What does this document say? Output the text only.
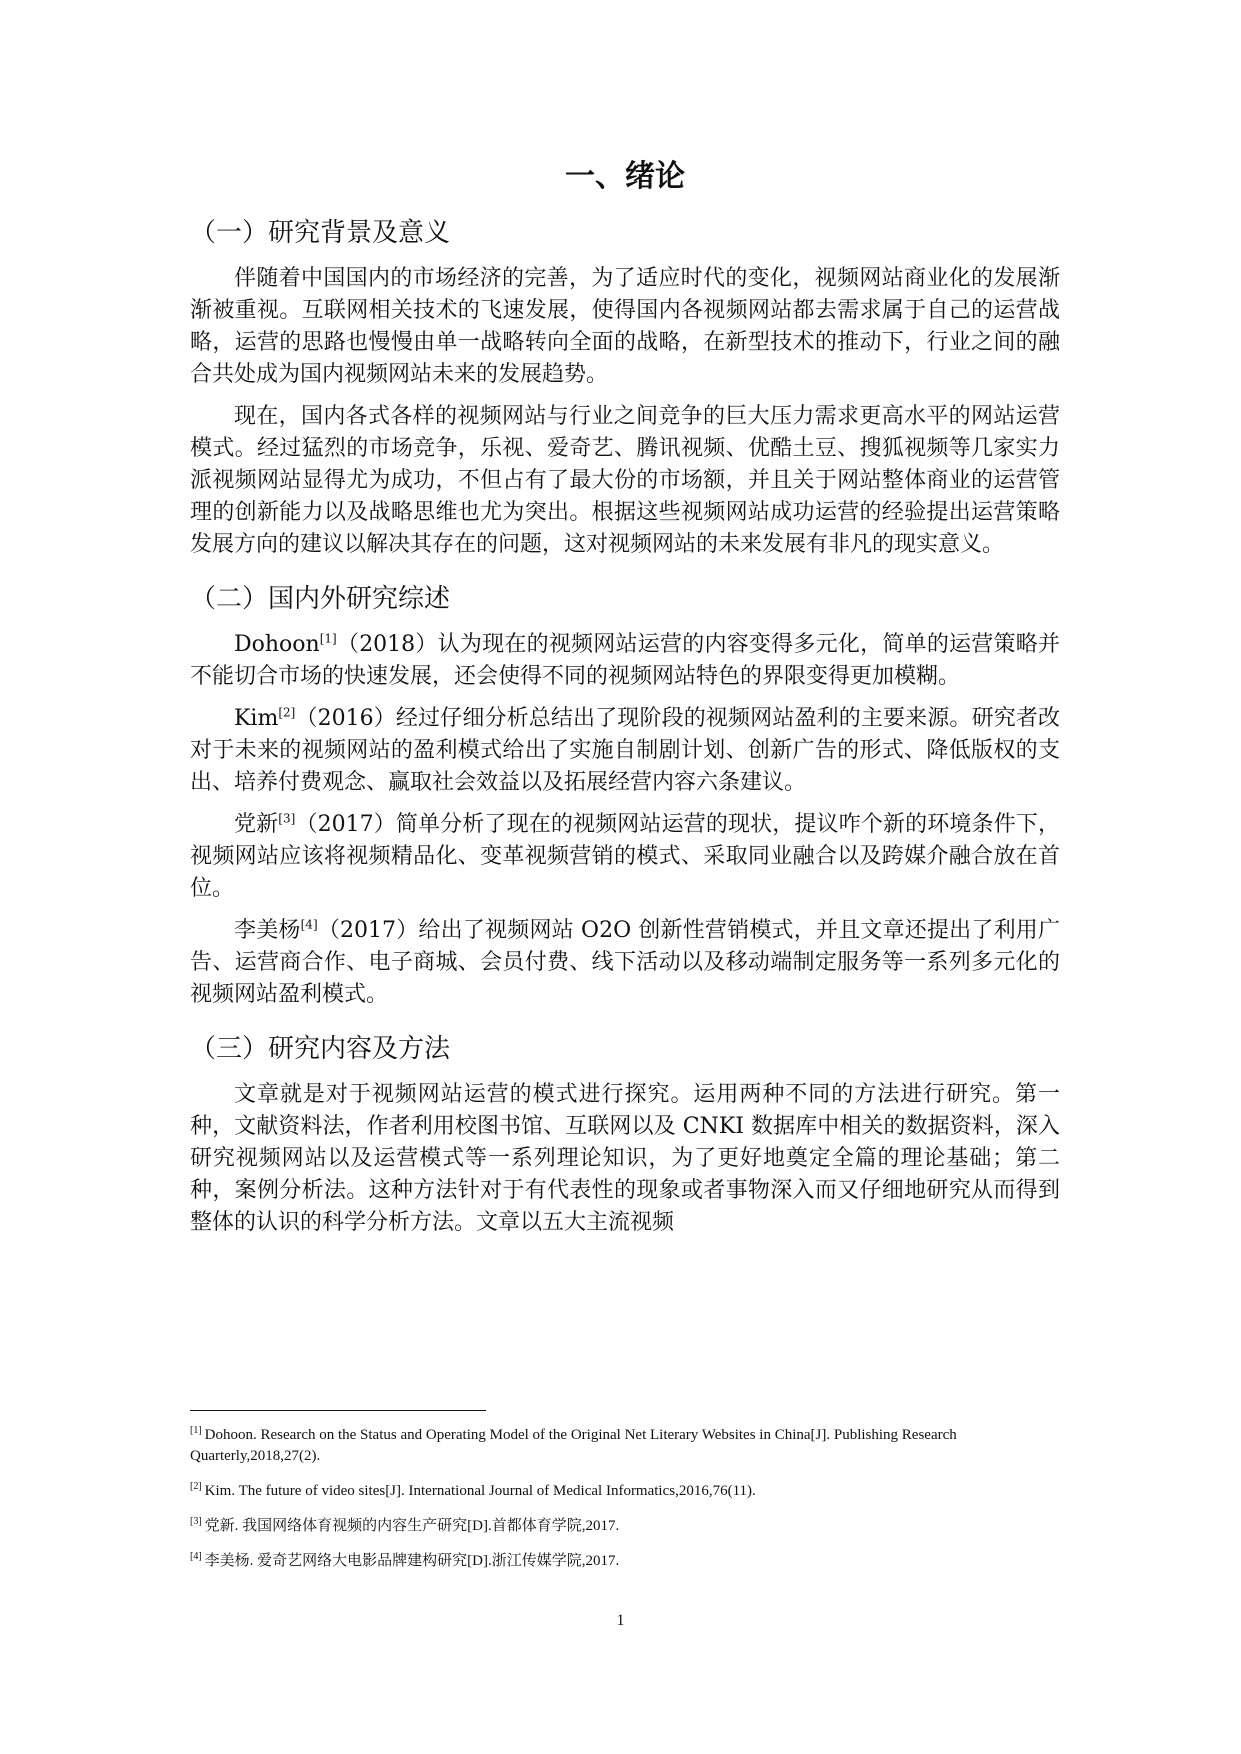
一、绪论
（一）研究背景及意义

伴随着中国国内的市场经济的完善，为了适应时代的变化，视频网站商业化的发展渐渐被重视。互联网相关技术的飞速发展，使得国内各视频网站都去需求属于自己的运营战略，运营的思路也慢慢由单一战略转向全面的战略，在新型技术的推动下，行业之间的融合共处成为国内视频网站未来的发展趋势。

现在，国内各式各样的视频网站与行业之间竞争的巨大压力需求更高水平的网站运营模式。经过猛烈的市场竞争，乐视、爱奇艺、腾讯视频、优酷土豆、搜狐视频等几家实力派视频网站显得尤为成功，不但占有了最大份的市场额，并且关于网站整体商业的运营管理的创新能力以及战略思维也尤为突出。根据这些视频网站成功运营的经验提出运营策略发展方向的建议以解决其存在的问题，这对视频网站的未来发展有非凡的现实意义。

（二）国内外研究综述

Dohoon[1]（2018）认为现在的视频网站运营的内容变得多元化，简单的运营策略并不能切合市场的快速发展，还会使得不同的视频网站特色的界限变得更加模糊。

Kim[2]（2016）经过仔细分析总结出了现阶段的视频网站盈利的主要来源。研究者改对于未来的视频网站的盈利模式给出了实施自制剧计划、创新广告的形式、降低版权的支出、培养付费观念、赢取社会效益以及拓展经营内容六条建议。

党新[3]（2017）简单分析了现在的视频网站运营的现状，提议咋个新的环境条件下，视频网站应该将视频精品化、变革视频营销的模式、采取同业融合以及跨媒介融合放在首位。

李美杨[4]（2017）给出了视频网站 O2O 创新性营销模式，并且文章还提出了利用广告、运营商合作、电子商城、会员付费、线下活动以及移动端制定服务等一系列多元化的视频网站盈利模式。

（三）研究内容及方法

文章就是对于视频网站运营的模式进行探究。运用两种不同的方法进行研究。第一种，文献资料法，作者利用校图书馆、互联网以及 CNKI 数据库中相关的数据资料，深入研究视频网站以及运营模式等一系列理论知识，为了更好地奠定全篇的理论基础；第二种，案例分析法。这种方法针对于有代表性的现象或者事物深入而又仔细地研究从而得到整体的认识的科学分析方法。文章以五大主流视频

[1] Dohoon. Research on the Status and Operating Model of the Original Net Literary Websites in China[J]. Publishing Research Quarterly,2018,27(2).

[2] Kim. The future of video sites[J]. International Journal of Medical Informatics,2016,76(11).

[3] 党新. 我国网络体育视频的内容生产研究[D].首都体育学院,2017.

[4] 李美杨. 爱奇艺网络大电影品牌建构研究[D].浙江传媒学院,2017.

1
